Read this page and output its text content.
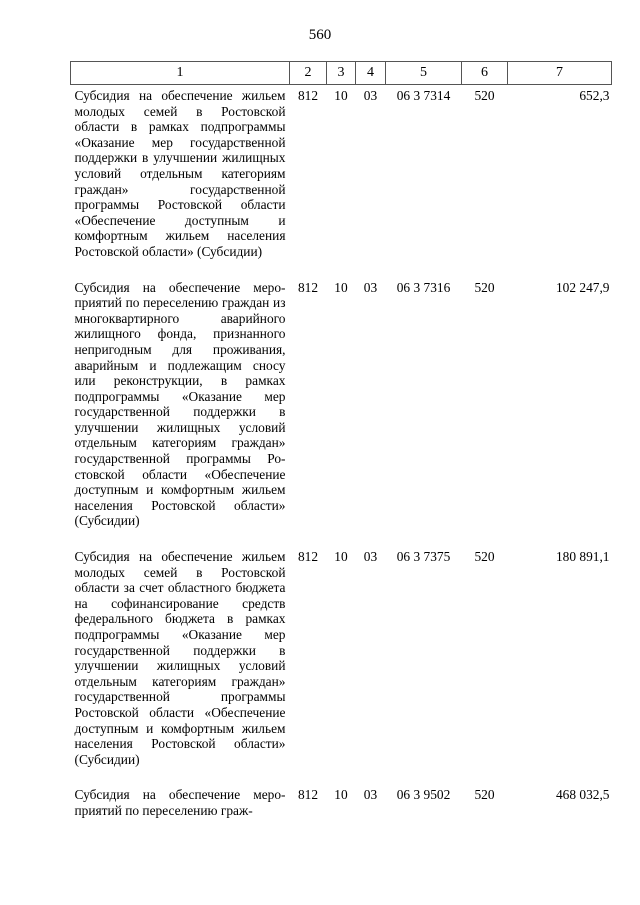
560
1	2	3	4	5	6	7
Субсидия на обеспечение жильем молодых семей в Ростовской области в рамках подпрограммы «Оказание мер государственной поддержки в улучшении жилищных условий отдельным категориям граждан» государственной программы Ростовской области «Обеспечение доступным и комфортным жильем населения Ростовской области» (Субсидии)	812	10	03	06 3 7314	520	652,3

Субсидия на обеспечение мероприятий по переселению граждан из многоквартирного аварийного жилищного фонда, признанного непригодным для проживания, аварийным и подлежащим сносу или реконструкции, в рамках подпрограммы «Оказание мер государственной поддержки в улучшении жилищных условий отдельным категориям граждан» государственной программы Ростовской области «Обеспечение доступным и комфортным жильем населения Ростовской области» (Субсидии)	812	10	03	06 3 7316	520	102 247,9

Субсидия на обеспечение жильем молодых семей в Ростовской области за счет областного бюджета на софинансирование средств федерального бюджета в рамках подпрограммы «Оказание мер государственной поддержки в улучшении жилищных условий отдельным категориям граждан» государственной программы Ростовской области «Обеспечение доступным и комфортным жильем населения Ростовской области» (Субсидии)	812	10	03	06 3 7375	520	180 891,1

Субсидия на обеспечение мероприятий по переселению граж-	812	10	03	06 3 9502	520	468 032,5
